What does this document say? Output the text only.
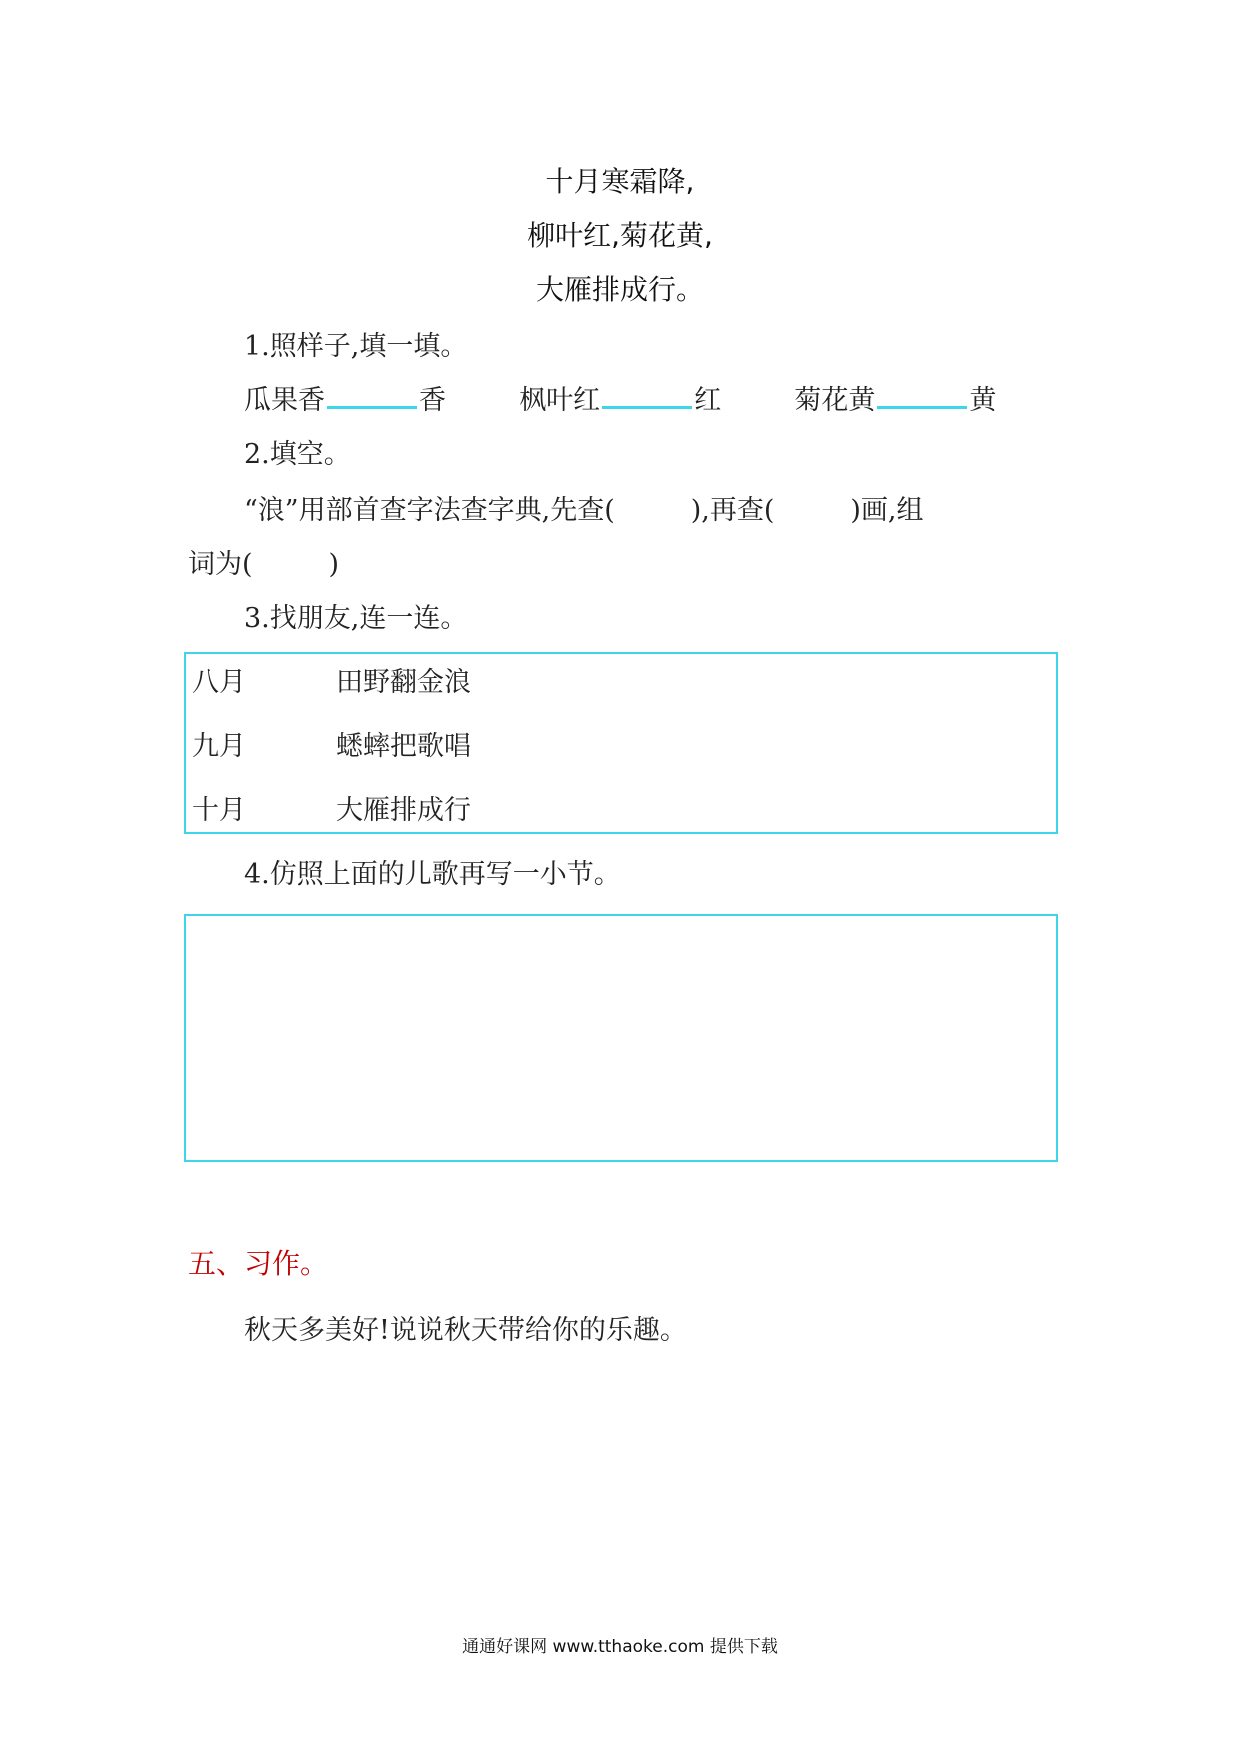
十月寒霜降,
柳叶红,菊花黄,
大雁排成行。
1.照样子,填一填。
瓜果香	香	枫叶红	红	菊花黄	黄
2.填空。
“浪”用部首查字法查字典,先查(	),再查(	)画,组
词为(	)
3.找朋友,连一连。
八月	田野翻金浪
九月	蟋蟀把歌唱
十月	大雁排成行
4.仿照上面的儿歌再写一小节。
五、习作。
秋天多美好!说说秋天带给你的乐趣。
通通好课网 www.tthaoke.com 提供下载
